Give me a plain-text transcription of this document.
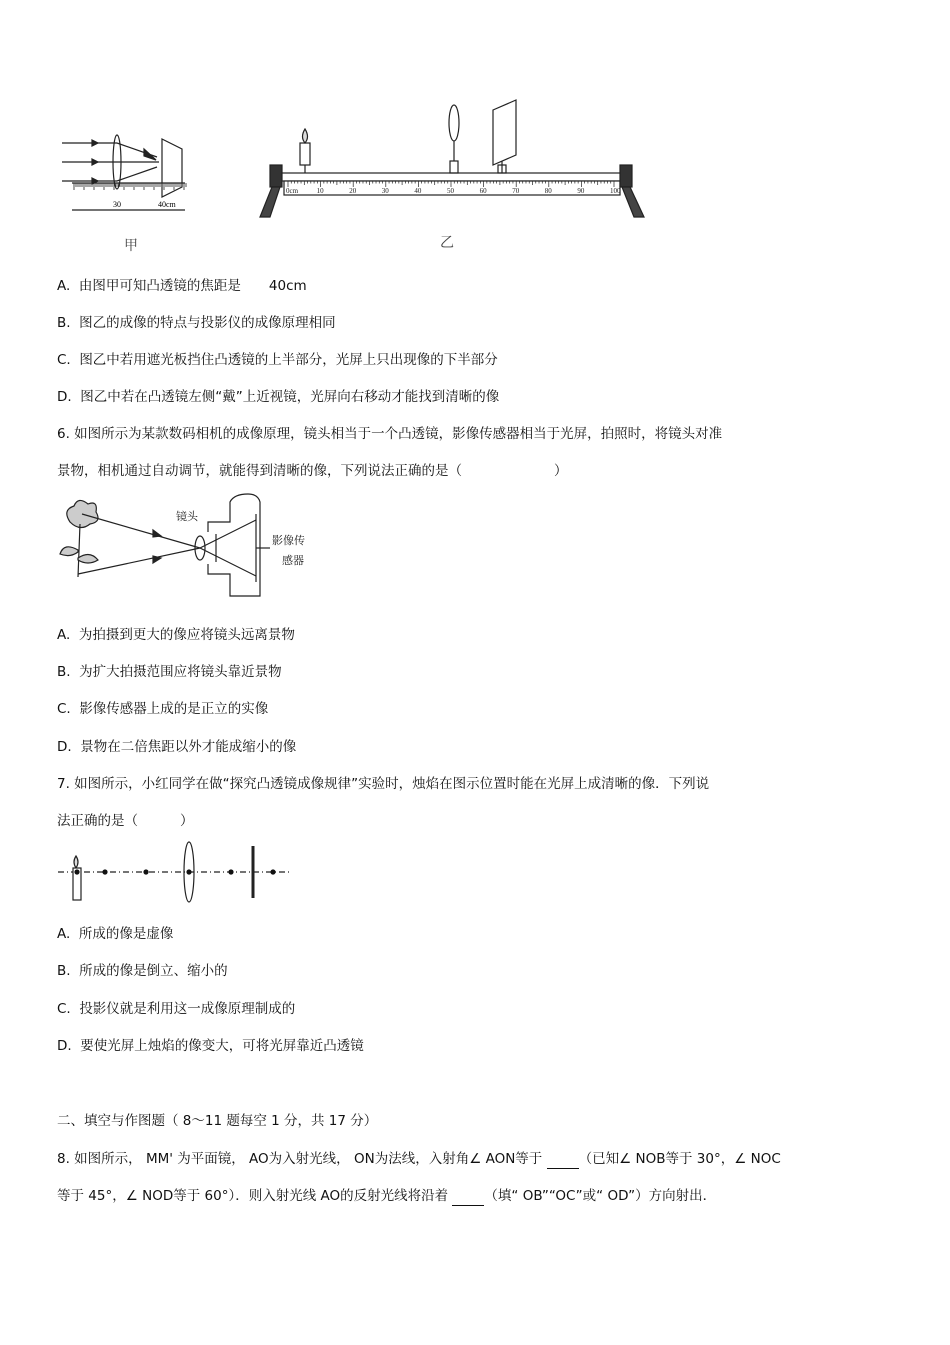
30	40cm
甲
0cm	10	20	30	40	50	60	70	80	90	100
乙
A. 由图甲可知凸透镜的焦距是 40cm
B. 图乙的成像的特点与投影仪的成像原理相同
C. 图乙中若用遮光板挡住凸透镜的上半部分，光屏上只出现像的下半部分
D. 图乙中若在凸透镜左侧“戴”上近视镜，光屏向右移动才能找到清晰的像
6. 如图所示为某款数码相机的成像原理，镜头相当于一个凸透镜，影像传感器相当于光屏，拍照时，将镜头对准
景物，相机通过自动调节，就能得到清晰的像，下列说法正确的是（	）
镜头
影像传
感器
A. 为拍摄到更大的像应将镜头远离景物
B. 为扩大拍摄范围应将镜头靠近景物
C. 影像传感器上成的是正立的实像
D. 景物在二倍焦距以外才能成缩小的像
7. 如图所示，小红同学在做“探究凸透镜成像规律”实验时，烛焰在图示位置时能在光屏上成清晰的像．下列说
法正确的是（	）
A. 所成的像是虚像
B. 所成的像是倒立、缩小的
C. 投影仪就是利用这一成像原理制成的
D. 要使光屏上烛焰的像变大，可将光屏靠近凸透镜
二、填空与作图题（ 8～11 题每空 1 分，共 17 分）
8. 如图所示， MM' 为平面镜， AO为入射光线， ON为法线，入射角∠ AON等于	（已知∠ NOB等于 30°，∠ NOC
等于 45°，∠ NOD等于 60°）．则入射光线 AO的反射光线将沿着	（填“ OB”“OC”或“ OD”）方向射出．
